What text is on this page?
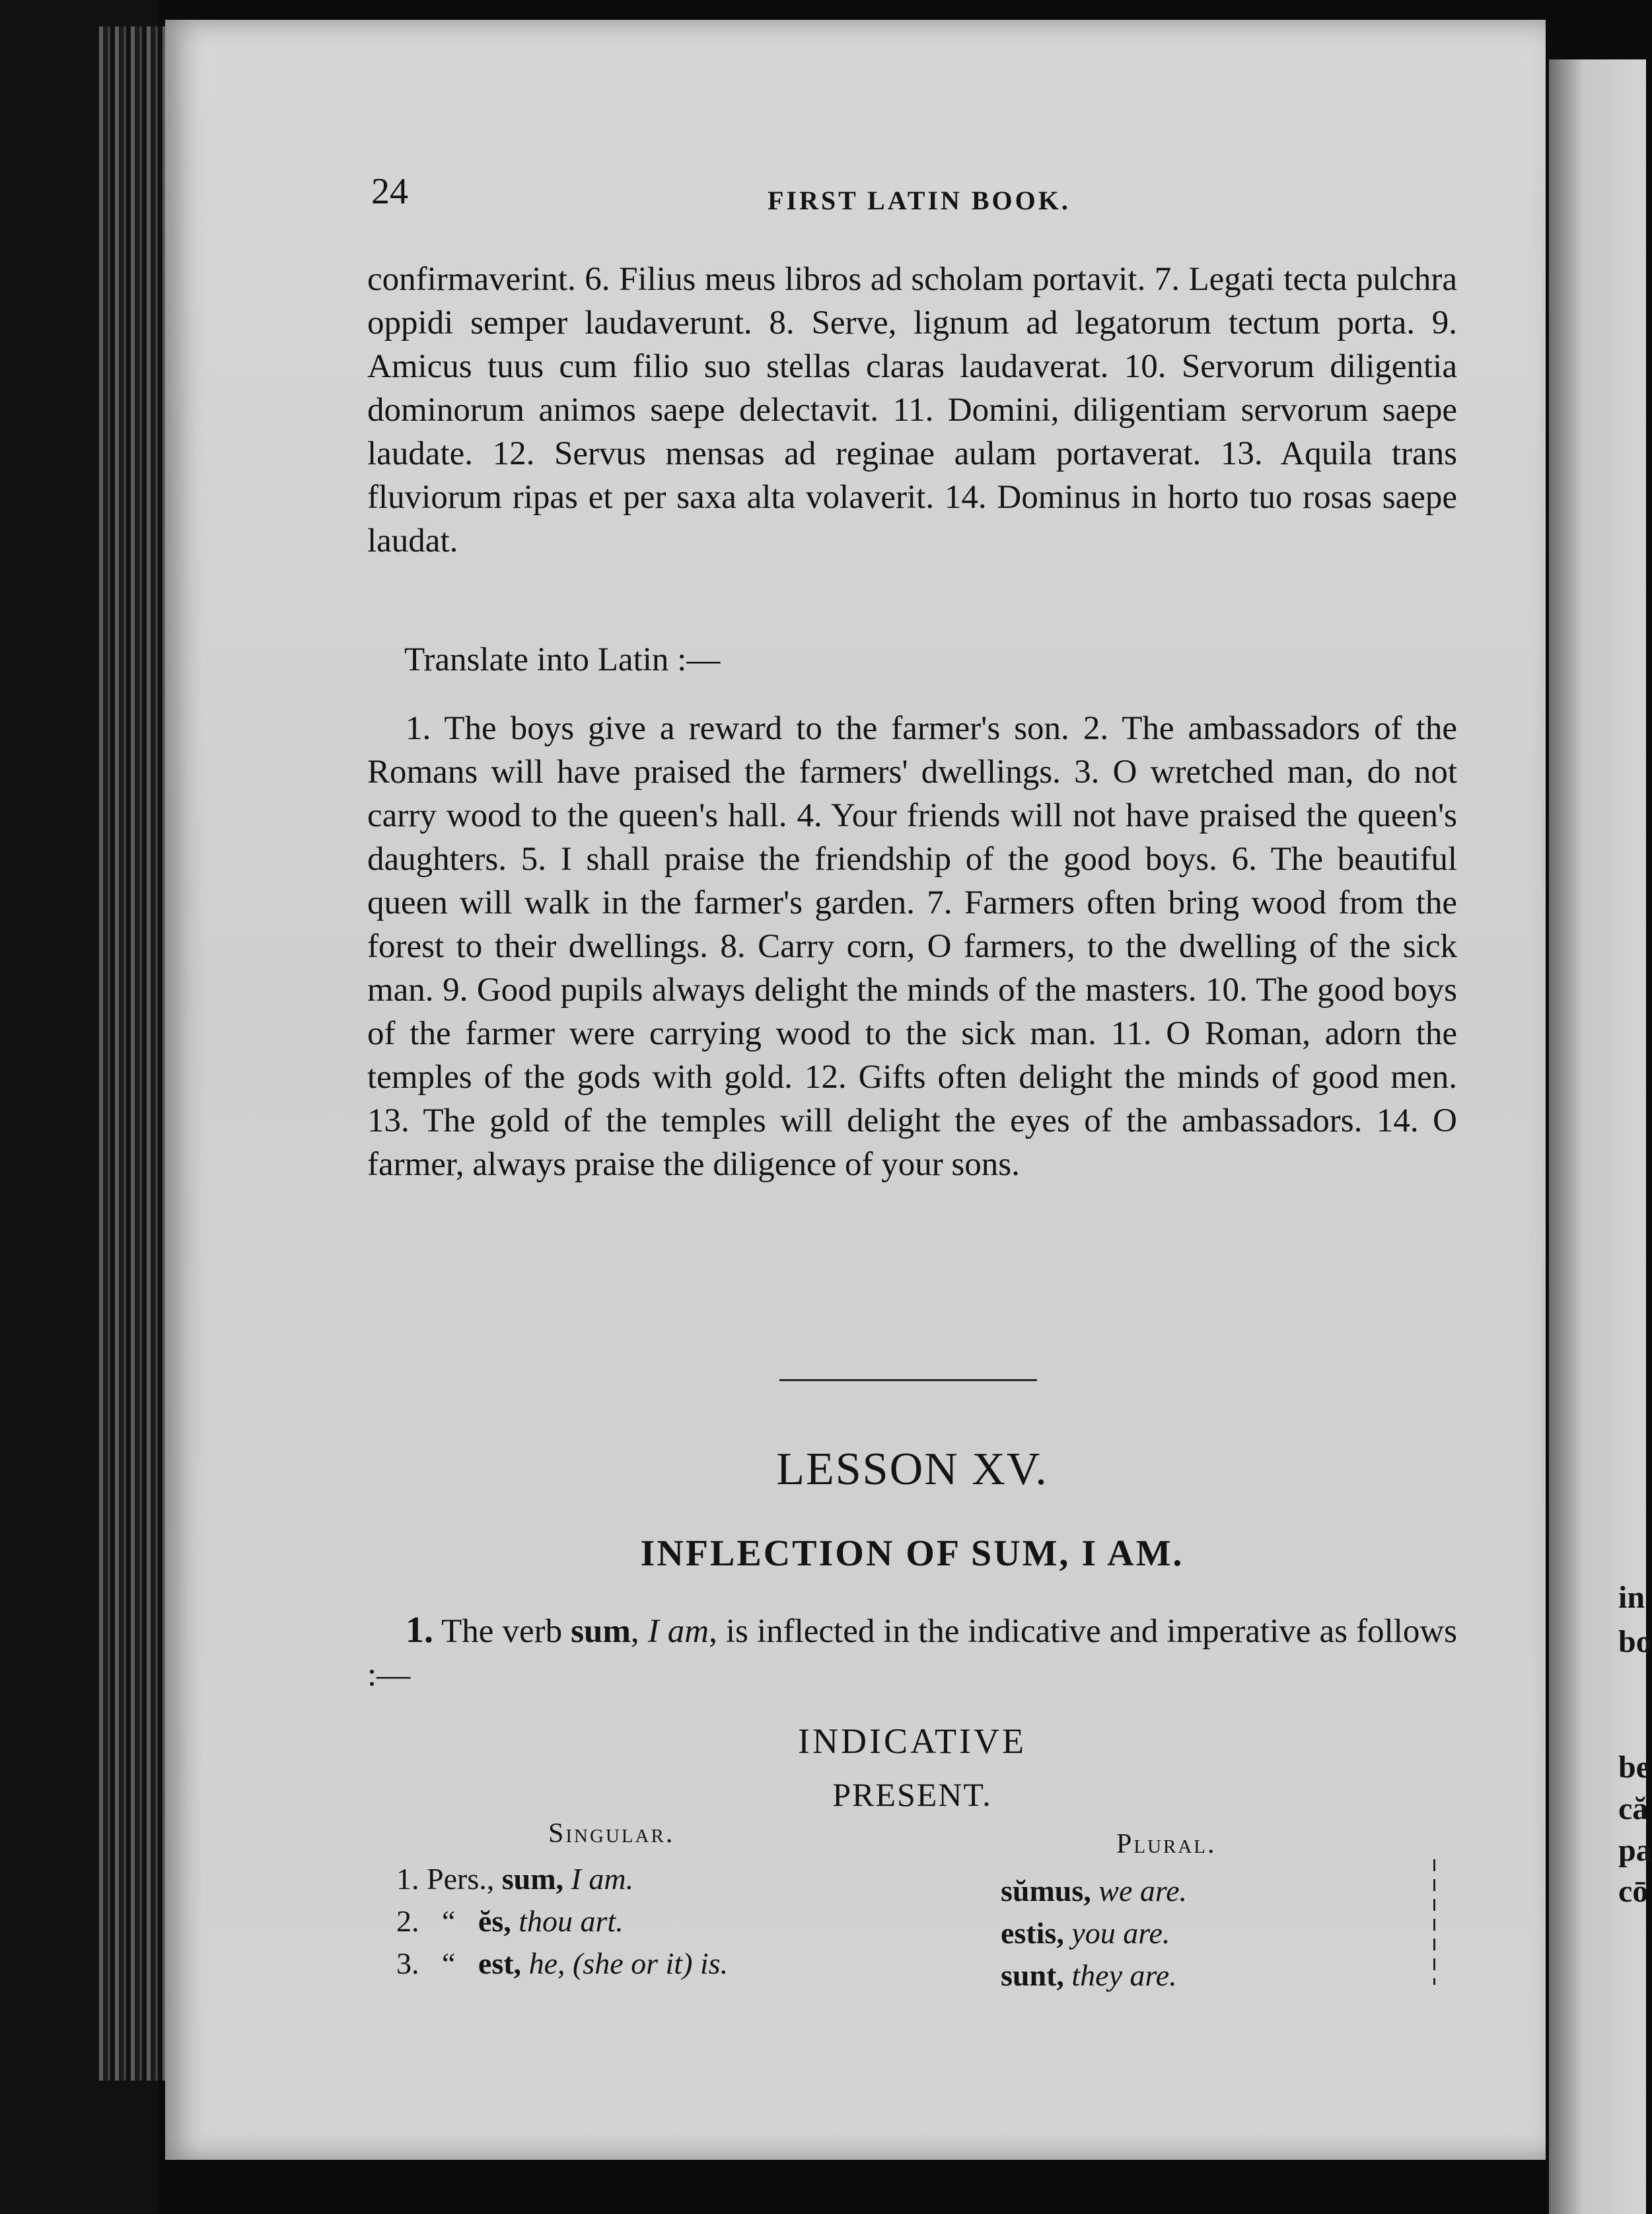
in
bo
be
că
pa
cō
24	FIRST LATIN BOOK.

confirmaverint. 6. Filius meus libros ad scholam portavit. 7. Legati tecta pulchra oppidi semper laudaverunt. 8. Serve, lignum ad legatorum tectum porta. 9. Amicus tuus cum filio suo stellas claras laudaverat. 10. Servorum diligentia dominorum animos saepe delectavit. 11. Domini, diligentiam servorum saepe laudate. 12. Servus mensas ad reginae aulam portaverat. 13. Aquila trans fluviorum ripas et per saxa alta volaverit. 14. Dominus in horto tuo rosas saepe laudat.

Translate into Latin :—

1. The boys give a reward to the farmer's son. 2. The ambassadors of the Romans will have praised the farmers' dwellings. 3. O wretched man, do not carry wood to the queen's hall. 4. Your friends will not have praised the queen's daughters. 5. I shall praise the friendship of the good boys. 6. The beautiful queen will walk in the farmer's garden. 7. Farmers often bring wood from the forest to their dwellings. 8. Carry corn, O farmers, to the dwelling of the sick man. 9. Good pupils always delight the minds of the masters. 10. The good boys of the farmer were carrying wood to the sick man. 11. O Roman, adorn the temples of the gods with gold. 12. Gifts often delight the minds of good men. 13. The gold of the temples will delight the eyes of the ambassadors. 14. O farmer, always praise the diligence of your sons.

LESSON XV.
INFLECTION OF SUM, I AM.

1. The verb sum, I am, is inflected in the indicative and imperative as follows :—

INDICATIVE
PRESENT.
Singular.	Plural.
1. Pers., sum, I am.
2.   “ ĕs, thou art.
3.   “ est, he, (she or it) is.
sŭmus, we are.
estis, you are.
sunt, they are.
